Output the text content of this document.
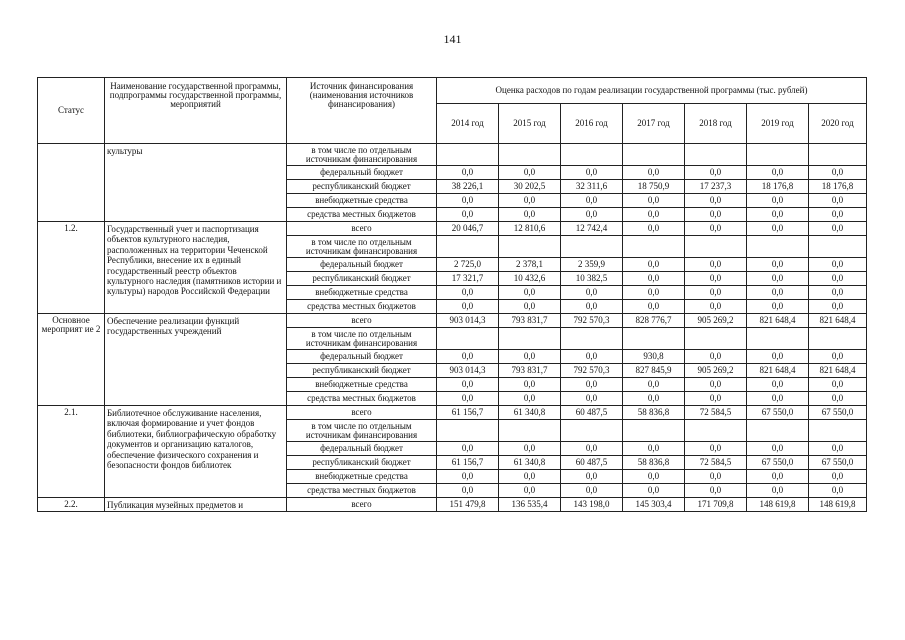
141
Статус	Наименование государственной программы, подпрограммы государственной программы, мероприятий	Источник финансирования (наименования источников финансирования)	Оценка расходов по годам реализации государственной программы (тыс. рублей)						
			2014 год	2015 год	2016 год	2017 год	2018 год	2019 год	2020 год
	культуры	в том числе по отдельным источникам финансирования							
		федеральный бюджет	0,0	0,0	0,0	0,0	0,0	0,0	0,0
		республиканский бюджет	38 226,1	30 202,5	32 311,6	18 750,9	17 237,3	18 176,8	18 176,8
		внебюджетные средства	0,0	0,0	0,0	0,0	0,0	0,0	0,0
		средства местных бюджетов	0,0	0,0	0,0	0,0	0,0	0,0	0,0
1.2.	Государственный учет и паспортизация объектов культурного наследия, расположенных на территории Чеченской Республики, внесение их в единый государственный реестр объектов культурного наследия (памятников истории и культуры) народов Российской Федерации	всего	20 046,7	12 810,6	12 742,4	0,0	0,0	0,0	0,0
		в том числе по отдельным источникам финансирования							
		федеральный бюджет	2 725,0	2 378,1	2 359,9	0,0	0,0	0,0	0,0
		республиканский бюджет	17 321,7	10 432,6	10 382,5	0,0	0,0	0,0	0,0
		внебюджетные средства	0,0	0,0	0,0	0,0	0,0	0,0	0,0
		средства местных бюджетов	0,0	0,0	0,0	0,0	0,0	0,0	0,0
Основное мероприят ие 2	Обеспечение реализации функций государственных учреждений	всего	903 014,3	793 831,7	792 570,3	828 776,7	905 269,2	821 648,4	821 648,4
		в том числе по отдельным источникам финансирования							
		федеральный бюджет	0,0	0,0	0,0	930,8	0,0	0,0	0,0
		республиканский бюджет	903 014,3	793 831,7	792 570,3	827 845,9	905 269,2	821 648,4	821 648,4
		внебюджетные средства	0,0	0,0	0,0	0,0	0,0	0,0	0,0
		средства местных бюджетов	0,0	0,0	0,0	0,0	0,0	0,0	0,0
2.1.	Библиотечное обслуживание населения, включая формирование и учет фондов библиотеки, библиографическую обработку документов и организацию каталогов, обеспечение физического сохранения и безопасности фондов библиотек	всего	61 156,7	61 340,8	60 487,5	58 836,8	72 584,5	67 550,0	67 550,0
		в том числе по отдельным источникам финансирования							
		федеральный бюджет	0,0	0,0	0,0	0,0	0,0	0,0	0,0
		республиканский бюджет	61 156,7	61 340,8	60 487,5	58 836,8	72 584,5	67 550,0	67 550,0
		внебюджетные средства	0,0	0,0	0,0	0,0	0,0	0,0	0,0
		средства местных бюджетов	0,0	0,0	0,0	0,0	0,0	0,0	0,0
2.2.	Публикация музейных предметов и	всего	151 479,8	136 535,4	143 198,0	145 303,4	171 709,8	148 619,8	148 619,8
